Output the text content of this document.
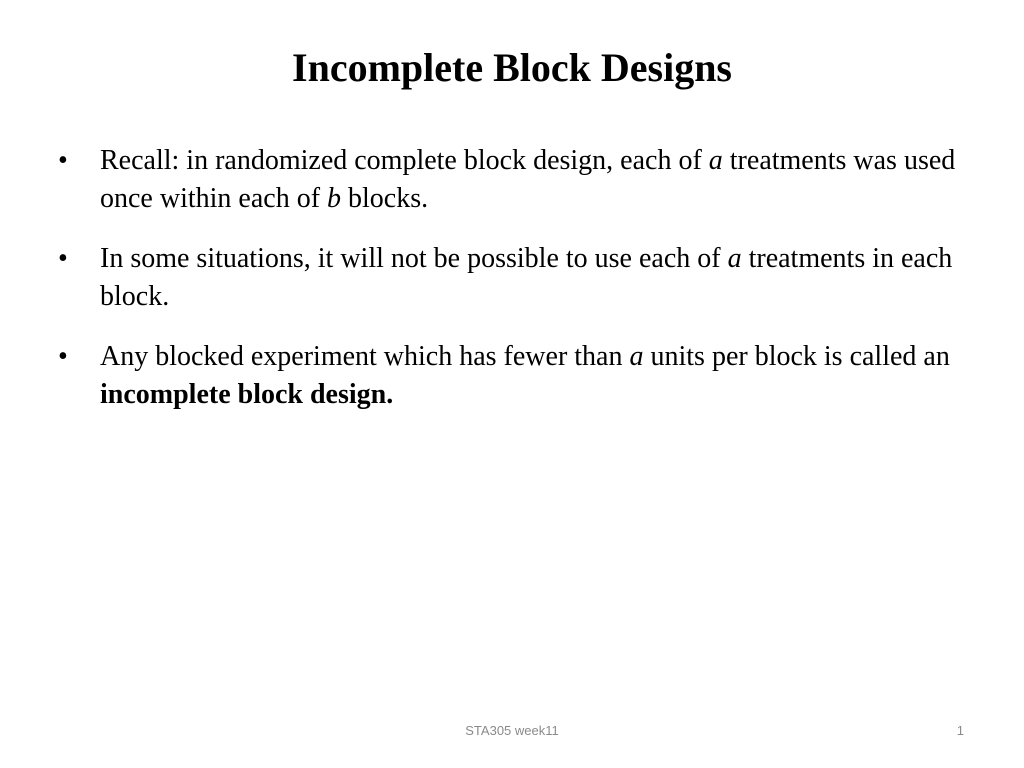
Incomplete Block Designs
•	Recall: in randomized complete block design, each of a treatments was used once within each of b blocks.
•	In some situations, it will not be possible to use each of a treatments in each block.
•	Any blocked experiment which has fewer than a units per block is called an incomplete block design.
STA305 week11	1
